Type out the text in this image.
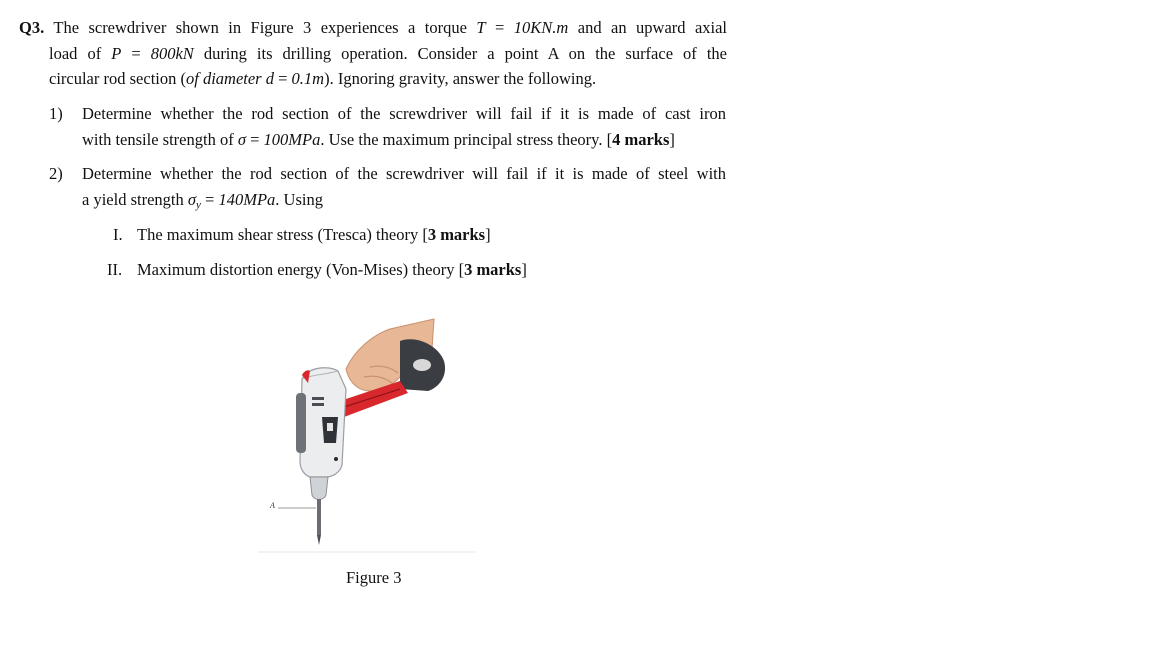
Q3. The screwdriver shown in Figure 3 experiences a torque T = 10KN.m and an upward axial
load of P = 800kN during its drilling operation. Consider a point A on the surface of the
circular rod section (of diameter d = 0.1m). Ignoring gravity, answer the following.
1) Determine whether the rod section of the screwdriver will fail if it is made of cast iron
with tensile strength of σ = 100MPa. Use the maximum principal stress theory. [4 marks]
2) Determine whether the rod section of the screwdriver will fail if it is made of steel with
a yield strength $\sigma_y = 140MPa$. Using
I. The maximum shear stress (Tresca) theory [3 marks]
II. Maximum distortion energy (Von-Mises) theory [3 marks]
A
Figure 3
